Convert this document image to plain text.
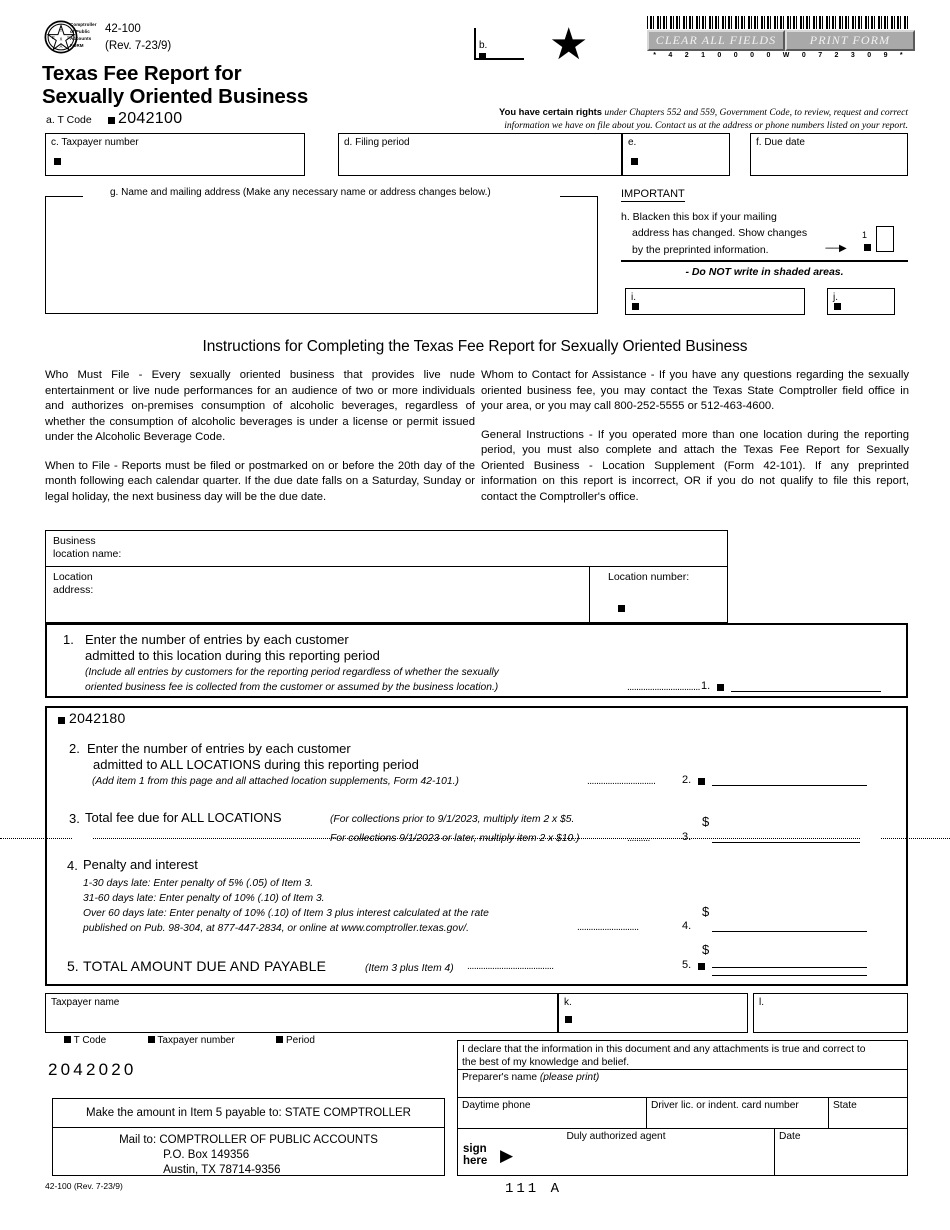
T
E S
A
X
Comptroller
of Public
Accounts
FORM
42-100
(Rev. 7-23/9)
Texas Fee Report for
Sexually Oriented Business
a. T Code 2042100
b. ★	CLEAR ALL FIELDS	PRINT FORM
* 4 2 1 0 0 0 0 W 0 7 2 3 0 9 *
You have certain rights under Chapters 552 and 559, Government Code, to review, request and correct
information we have on file about you. Contact us at the address or phone numbers listed on your report.
c. Taxpayer number	d. Filing period	e.	f. Due date
g. Name and mailing address (Make any necessary name or address changes below.)	IMPORTANT
h. Blacken this box if your mailing
address has changed. Show changes
by the preprinted information.
1
------▶
- Do NOT write in shaded areas.
i.	j.
Instructions for Completing the Texas Fee Report for Sexually Oriented Business

Who Must File - Every sexually oriented business that provides live nude entertainment or live nude performances for an audience of two or more individuals and authorizes on-premises consumption of alcoholic beverages, regardless of whether the consumption of alcoholic beverages is under a license or permit issued under the Alcoholic Beverage Code.

When to File - Reports must be filed or postmarked on or before the 20th day of the month following each calendar quarter. If the due date falls on a Saturday, Sunday or legal holiday, the next business day will be the due date.

Whom to Contact for Assistance - If you have any questions regarding the sexually oriented business fee, you may contact the Texas State Comptroller field office in your area, or you may call 800-252-5555 or 512-463-4600.

General Instructions - If you operated more than one location during the reporting period, you must also complete and attach the Texas Fee Report for Sexually Oriented Business - Location Supplement (Form 42-101). If any preprinted information on this report is incorrect, OR if you do not qualify to file this report, contact the Comptroller's office.

Business
location name:
Location
address:
Location number:
1. Enter the number of entries by each customer
admitted to this location during this reporting period
(Include all entries by customers for the reporting period regardless of whether the sexually
oriented business fee is collected from the customer or assumed by the business location.)	................................ 1.
Enter the number of entries by each customer
2.
admitted to ALL LOCATIONS during this reporting period
(Add item 1 from this page and all attached location supplements, Form 42-101.)	.............................. 2.
3. Total fee due for ALL LOCATIONS	(For collections prior to 9/1/2023, multiply item 2 x $5.
For collections 9/1/2023 or later, multiply item 2 x $10.)	..........
$
3.
4. Penalty and interest
1-30 days late: Enter penalty of 5% (.05) of Item 3.
31-60 days late: Enter penalty of 10% (.10) of Item 3.
Over 60 days late: Enter penalty of 10% (.10) of Item 3 plus interest calculated at the rate
published on Pub. 98-304, at 877-447-2834, or online at www.comptroller.texas.gov/.	...........................
$
4.
5. TOTAL AMOUNT DUE AND PAYABLE	(Item 3 plus Item 4) ......................................
$
5.
2042180
Taxpayer name	k.	l.
T Code	Taxpayer number	Period
2042020
Make the amount in Item 5 payable to: STATE COMPTROLLER
Mail to: COMPTROLLER OF PUBLIC ACCOUNTS
P.O. Box 149356
Austin, TX 78714-9356
42-100 (Rev. 7-23/9)
I declare that the information in this document and any attachments is true and correct to
the best of my knowledge and belief.
Preparer's name (please print)
Daytime phone	Driver lic. or indent. card number	State
Duly authorized agent
sign
here ▶
Date
111 A
